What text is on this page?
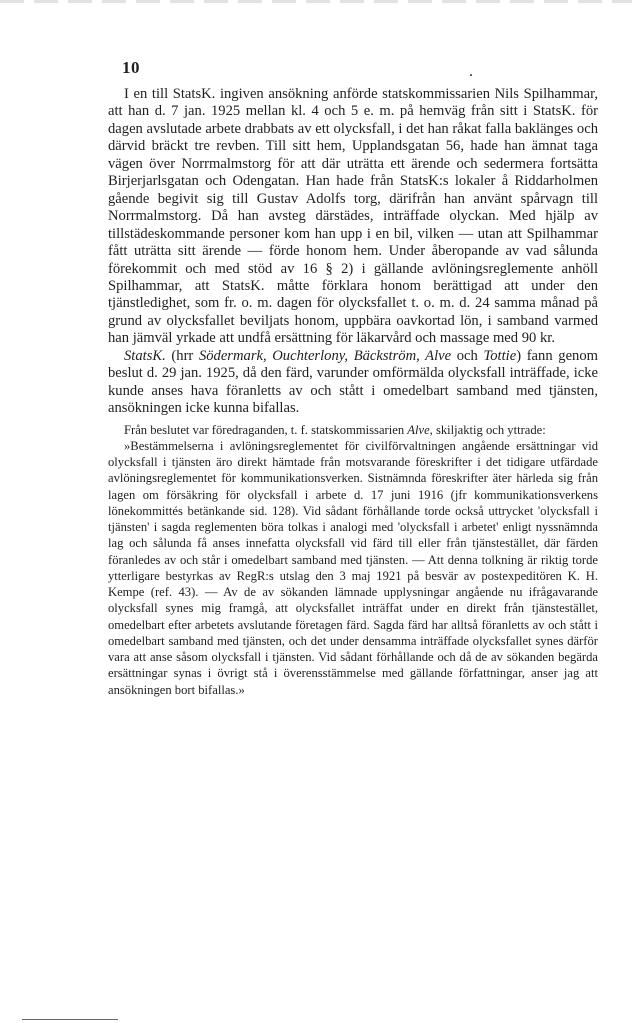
10	.

I en till StatsK. ingiven ansökning anförde statskommissarien Nils Spilhammar, att han d. 7 jan. 1925 mellan kl. 4 och 5 e. m. på hemväg från sitt i StatsK. för dagen avslutade arbete drabbats av ett olycksfall, i det han råkat falla baklänges och därvid bräckt tre revben. Till sitt hem, Upplandsgatan 56, hade han ämnat taga vägen över Norrmalmstorg för att där uträtta ett ärende och sedermera fortsätta Birjerjarlsgatan och Odengatan. Han hade från StatsK:s lokaler å Riddarholmen gående begivit sig till Gustav Adolfs torg, därifrån han använt spårvagn till Norrmalmstorg. Då han avsteg därstädes, inträffade olyckan. Med hjälp av tillstädeskommande personer kom han upp i en bil, vilken — utan att Spilhammar fått uträtta sitt ärende — förde honom hem. Under åberopande av vad sålunda förekommit och med stöd av 16 § 2) i gällande avlöningsreglemente anhöll Spilhammar, att StatsK. måtte förklara honom berättigad att under den tjänstledighet, som fr. o. m. dagen för olycksfallet t. o. m. d. 24 samma månad på grund av olycksfallet beviljats honom, uppbära oavkortad lön, i samband varmed han jämväl yrkade att undfå ersättning för läkarvård och massage med 90 kr.

StatsK. (hrr Södermark, Ouchterlony, Bäckström, Alve och Tottie) fann genom beslut d. 29 jan. 1925, då den färd, varunder omförmälda olycksfall inträffade, icke kunde anses hava föranletts av och stått i omedelbart samband med tjänsten, ansökningen icke kunna bifallas.

Från beslutet var föredraganden, t. f. statskommissarien Alve, skiljaktig och yttrade:

»Bestämmelserna i avlöningsreglementet för civilförvaltningen angående ersättningar vid olycksfall i tjänsten äro direkt hämtade från motsvarande föreskrifter i det tidigare utfärdade avlöningsreglementet för kommunikationsverken. Sistnämnda föreskrifter äter härleda sig från lagen om försäkring för olycksfall i arbete d. 17 juni 1916 (jfr kommunikationsverkens lönekommittés betänkande sid. 128). Vid sådant förhållande torde också uttrycket 'olycksfall i tjänsten' i sagda reglementen böra tolkas i analogi med 'olycksfall i arbetet' enligt nyssnämnda lag och sålunda få anses innefatta olycksfall vid färd till eller från tjänstestället, där färden föranledes av och står i omedelbart samband med tjänsten. — Att denna tolkning är riktig torde ytterligare bestyrkas av RegR:s utslag den 3 maj 1921 på besvär av postexpeditören K. H. Kempe (ref. 43). — Av de av sökanden lämnade upplysningar angående nu ifrågavarande olycksfall synes mig framgå, att olycksfallet inträffat under en direkt från tjänstestället, omedelbart efter arbetets avslutande företagen färd. Sagda färd har alltså föranletts av och stått i omedelbart samband med tjänsten, och det under densamma inträffade olycksfallet synes därför vara att anse såsom olycksfall i tjänsten. Vid sådant förhållande och då de av sökanden begärda ersättningar synas i övrigt stå i överensstämmelse med gällande författningar, anser jag att ansökningen bort bifallas.»
